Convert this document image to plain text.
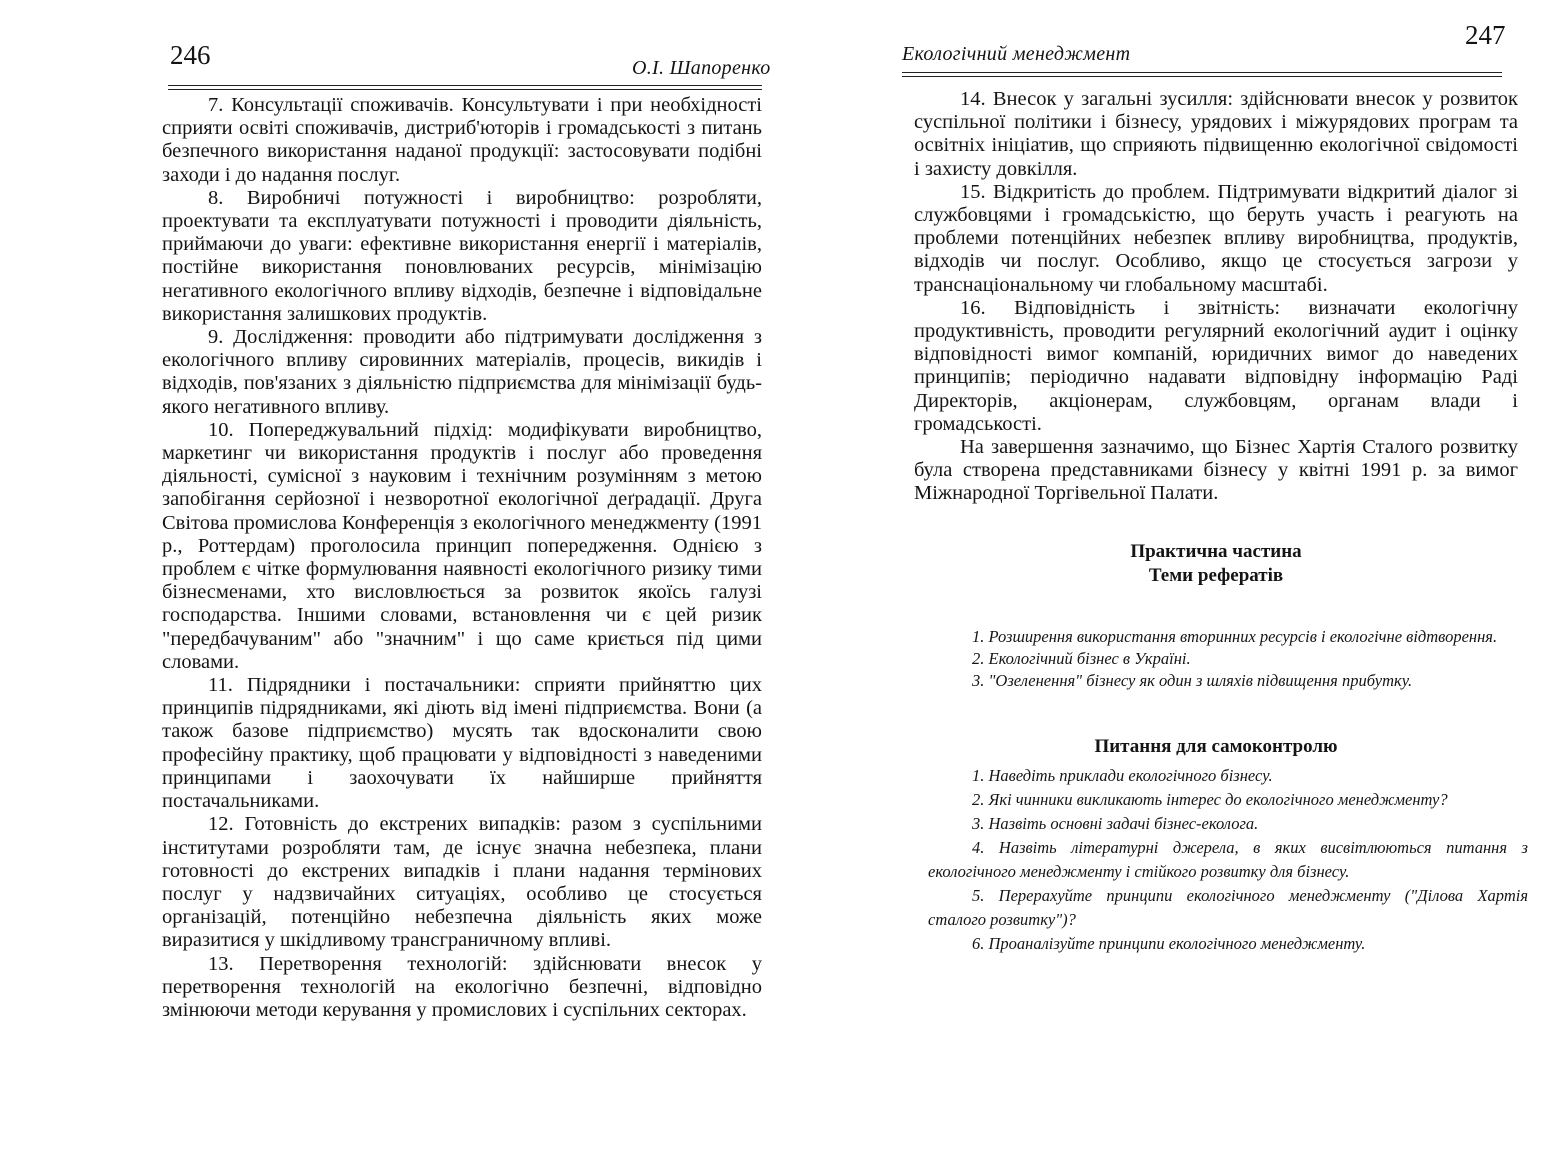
246	О.І. Шапоренко

7. Консультації споживачів. Консультувати і при необхідності сприяти освіті споживачів, дистриб'юторів і громадськості з питань безпечного використання наданої продукції: застосовувати подібні заходи і до надання послуг.

8. Виробничі потужності і виробництво: розробляти, проектувати та експлуатувати потужності і проводити діяльність, приймаючи до уваги: ефективне використання енергії і матеріалів, постійне використання поновлюваних ресурсів, мінімізацію негативного екологічного впливу відходів, безпечне і відповідальне використання залишкових продуктів.

9. Дослідження: проводити або підтримувати дослідження з екологічного впливу сировинних матеріалів, процесів, викидів і відходів, пов'язаних з діяльністю підприємства для мінімізації будь-якого негативного впливу.

10. Попереджувальний підхід: модифікувати виробництво, маркетинг чи використання продуктів і послуг або проведення діяльності, сумісної з науковим і технічним розумінням з метою запобігання серйозної і незворотної екологічної деґрадації. Друга Світова промислова Конференція з екологічного менеджменту (1991 р., Роттердам) проголосила принцип попередження. Однією з проблем є чітке формулювання наявності екологічного ризику тими бізнесменами, хто висловлюється за розвиток якоїсь галузі господарства. Іншими словами, встановлення чи є цей ризик "передбачуваним" або "значним" і що саме криється під цими словами.

11. Підрядники і постачальники: сприяти прийняттю цих принципів підрядниками, які діють від імені підприємства. Вони (а також базове підприємство) мусять так вдосконалити свою професійну практику, щоб працювати у відповідності з наведеними принципами і заохочувати їх найширше прийняття постачальниками.

12. Готовність до екстрених випадків: разом з суспільними інститутами розробляти там, де існує значна небезпека, плани готовності до екстрених випадків і плани надання термінових послуг у надзвичайних ситуаціях, особливо це стосується організацій, потенційно небезпечна діяльність яких може виразитися у шкідливому трансграничному впливі.

13. Перетворення технологій: здійснювати внесок у перетворення технологій на екологічно безпечні, відповідно змінюючи методи керування у промислових і суспільних секторах.

247
Екологічний менеджмент

14. Внесок у загальні зусилля: здійснювати внесок у розвиток суспільної політики і бізнесу, урядових і міжурядових програм та освітніх ініціатив, що сприяють підвищенню екологічної свідомості і захисту довкілля.

15. Відкритість до проблем. Підтримувати відкритий діалог зі службовцями і громадськістю, що беруть участь і реагують на проблеми потенційних небезпек впливу виробництва, продуктів, відходів чи послуг. Особливо, якщо це стосується загрози у транснаціональному чи глобальному масштабі.

16. Відповідність і звітність: визначати екологічну продуктивність, проводити регулярний екологічний аудит і оцінку відповідності вимог компаній, юридичних вимог до наведених принципів; періодично надавати відповідну інформацію Раді Директорів, акціонерам, службовцям, органам влади і громадськості.

На завершення зазначимо, що Бізнес Хартія Сталого розвитку була створена представниками бізнесу у квітні 1991 р. за вимог Міжнародної Торгівельної Палати.

Практична частина
Теми рефератів
1. Розширення використання вторинних ресурсів і екологічне відтворення.
2. Екологічний бізнес в Україні.
3. "Озеленення" бізнесу як один з шляхів підвищення прибутку.
Питання для самоконтролю
1. Наведіть приклади екологічного бізнесу.
2. Які чинники викликають інтерес до екологічного менеджменту?
3. Назвіть основні задачі бізнес-еколога.
4. Назвіть літературні джерела, в яких висвітлюються питання з екологічного менеджменту і стійкого розвитку для бізнесу.
5. Перерахуйте принципи екологічного менеджменту ("Ділова Хартія сталого розвитку")?
6. Проаналізуйте принципи екологічного менеджменту.
